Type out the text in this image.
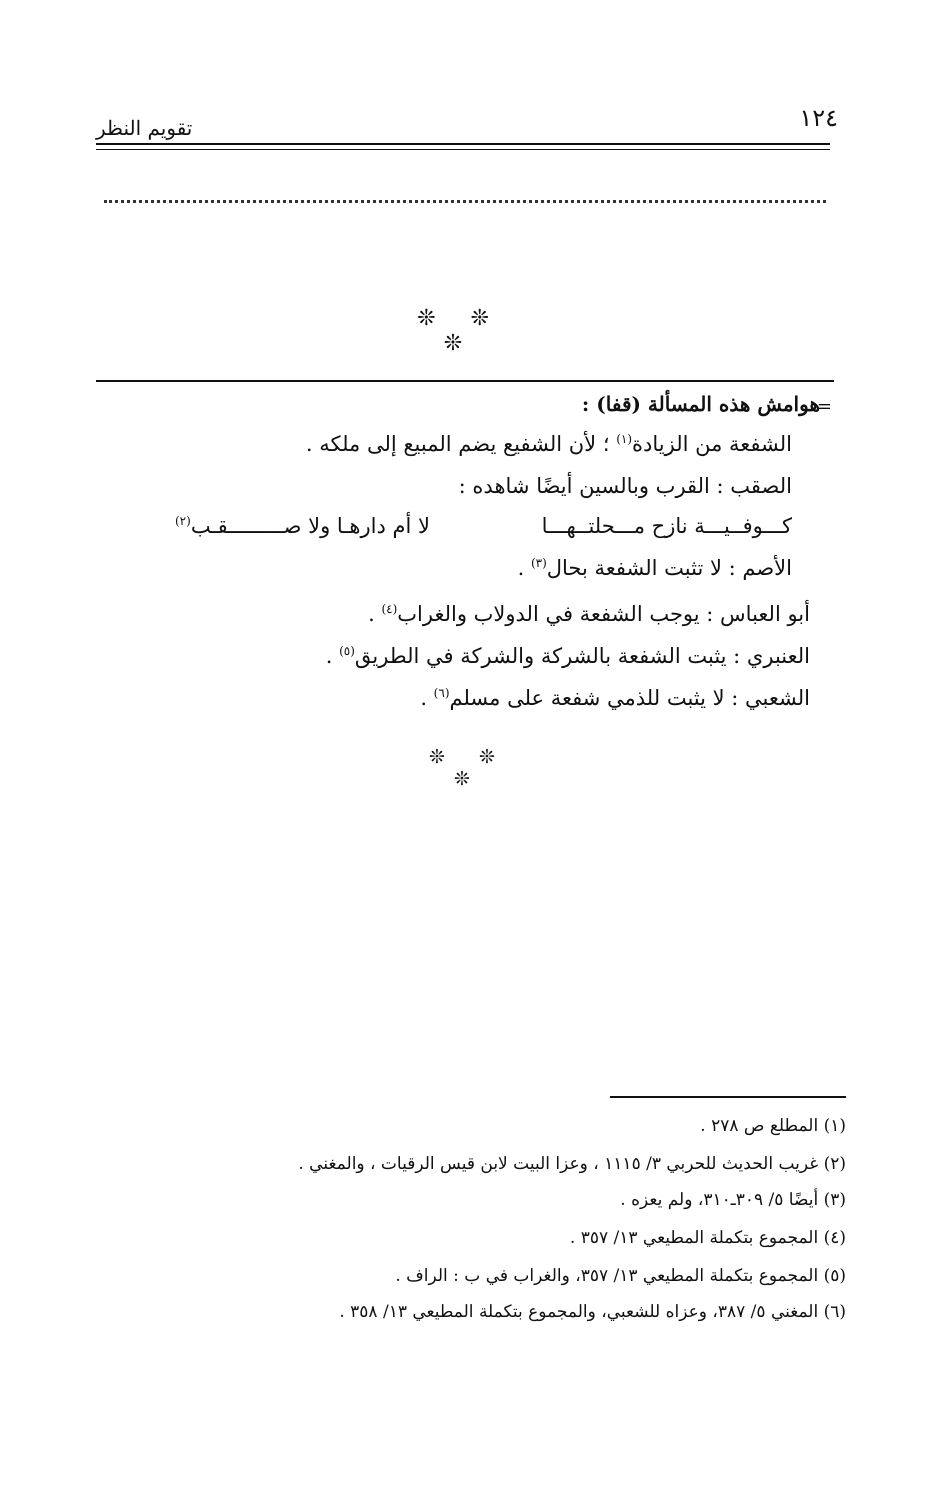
١٢٤
تقويم النظر
❊ ❊ ❊
=
هوامش هذه المسألة (قفا) :
الشفعة من الزيادة$^{(١)}$ ؛ لأن الشفيع يضم المبيع إلى ملكه .
الصقب : القرب وبالسين أيضًا شاهده :
كـــوفــيـــة نازح مـــحلتــهـــا
لا أم دارهـا ولا صـــــــــقـب$^{(٢)}$
الأصم : لا تثبت الشفعة بحال$^{(٣)}$ .
أبو العباس : يوجب الشفعة في الدولاب والغراب$^{(٤)}$ .
العنبري : يثبت الشفعة بالشركة والشركة في الطريق$^{(٥)}$ .
الشعبي : لا يثبت للذمي شفعة على مسلم$^{(٦)}$ .
❊ ❊ ❊
(١) المطلع ص ٢٧٨ .
(٢) غريب الحديث للحربي ٣/ ١١١٥ ، وعزا البيت لابن قيس الرقيات ، والمغني .
(٣) أيضًا ٥/ ٣٠٩ـ٣١٠، ولم يعزه .
(٤) المجموع بتكملة المطيعي ١٣/ ٣٥٧ .
(٥) المجموع بتكملة المطيعي ١٣/ ٣٥٧، والغراب في ب : الراف .
(٦) المغني ٥/ ٣٨٧، وعزاه للشعبي، والمجموع بتكملة المطيعي ١٣/ ٣٥٨ .
